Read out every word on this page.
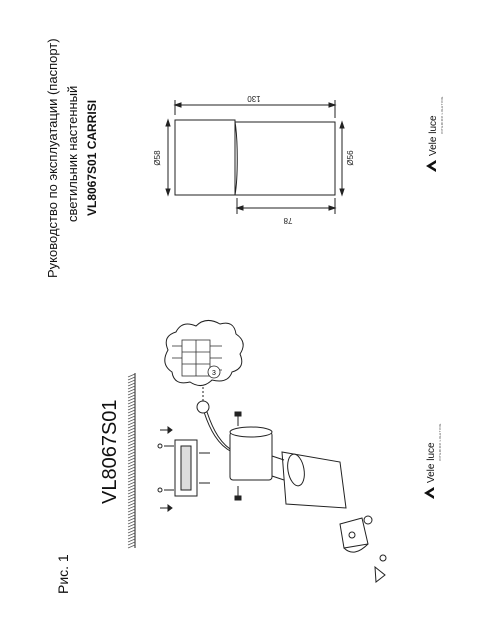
Рис. 1
VL8067S01
Руководство по эксплуатации (паспорт) светильник настенный VL8067S01 CARRISI
3
130
78
Ø58	Ø56
Vele luce
INTERIOR LIGHTING
Vele luce
INTERIOR LIGHTING
